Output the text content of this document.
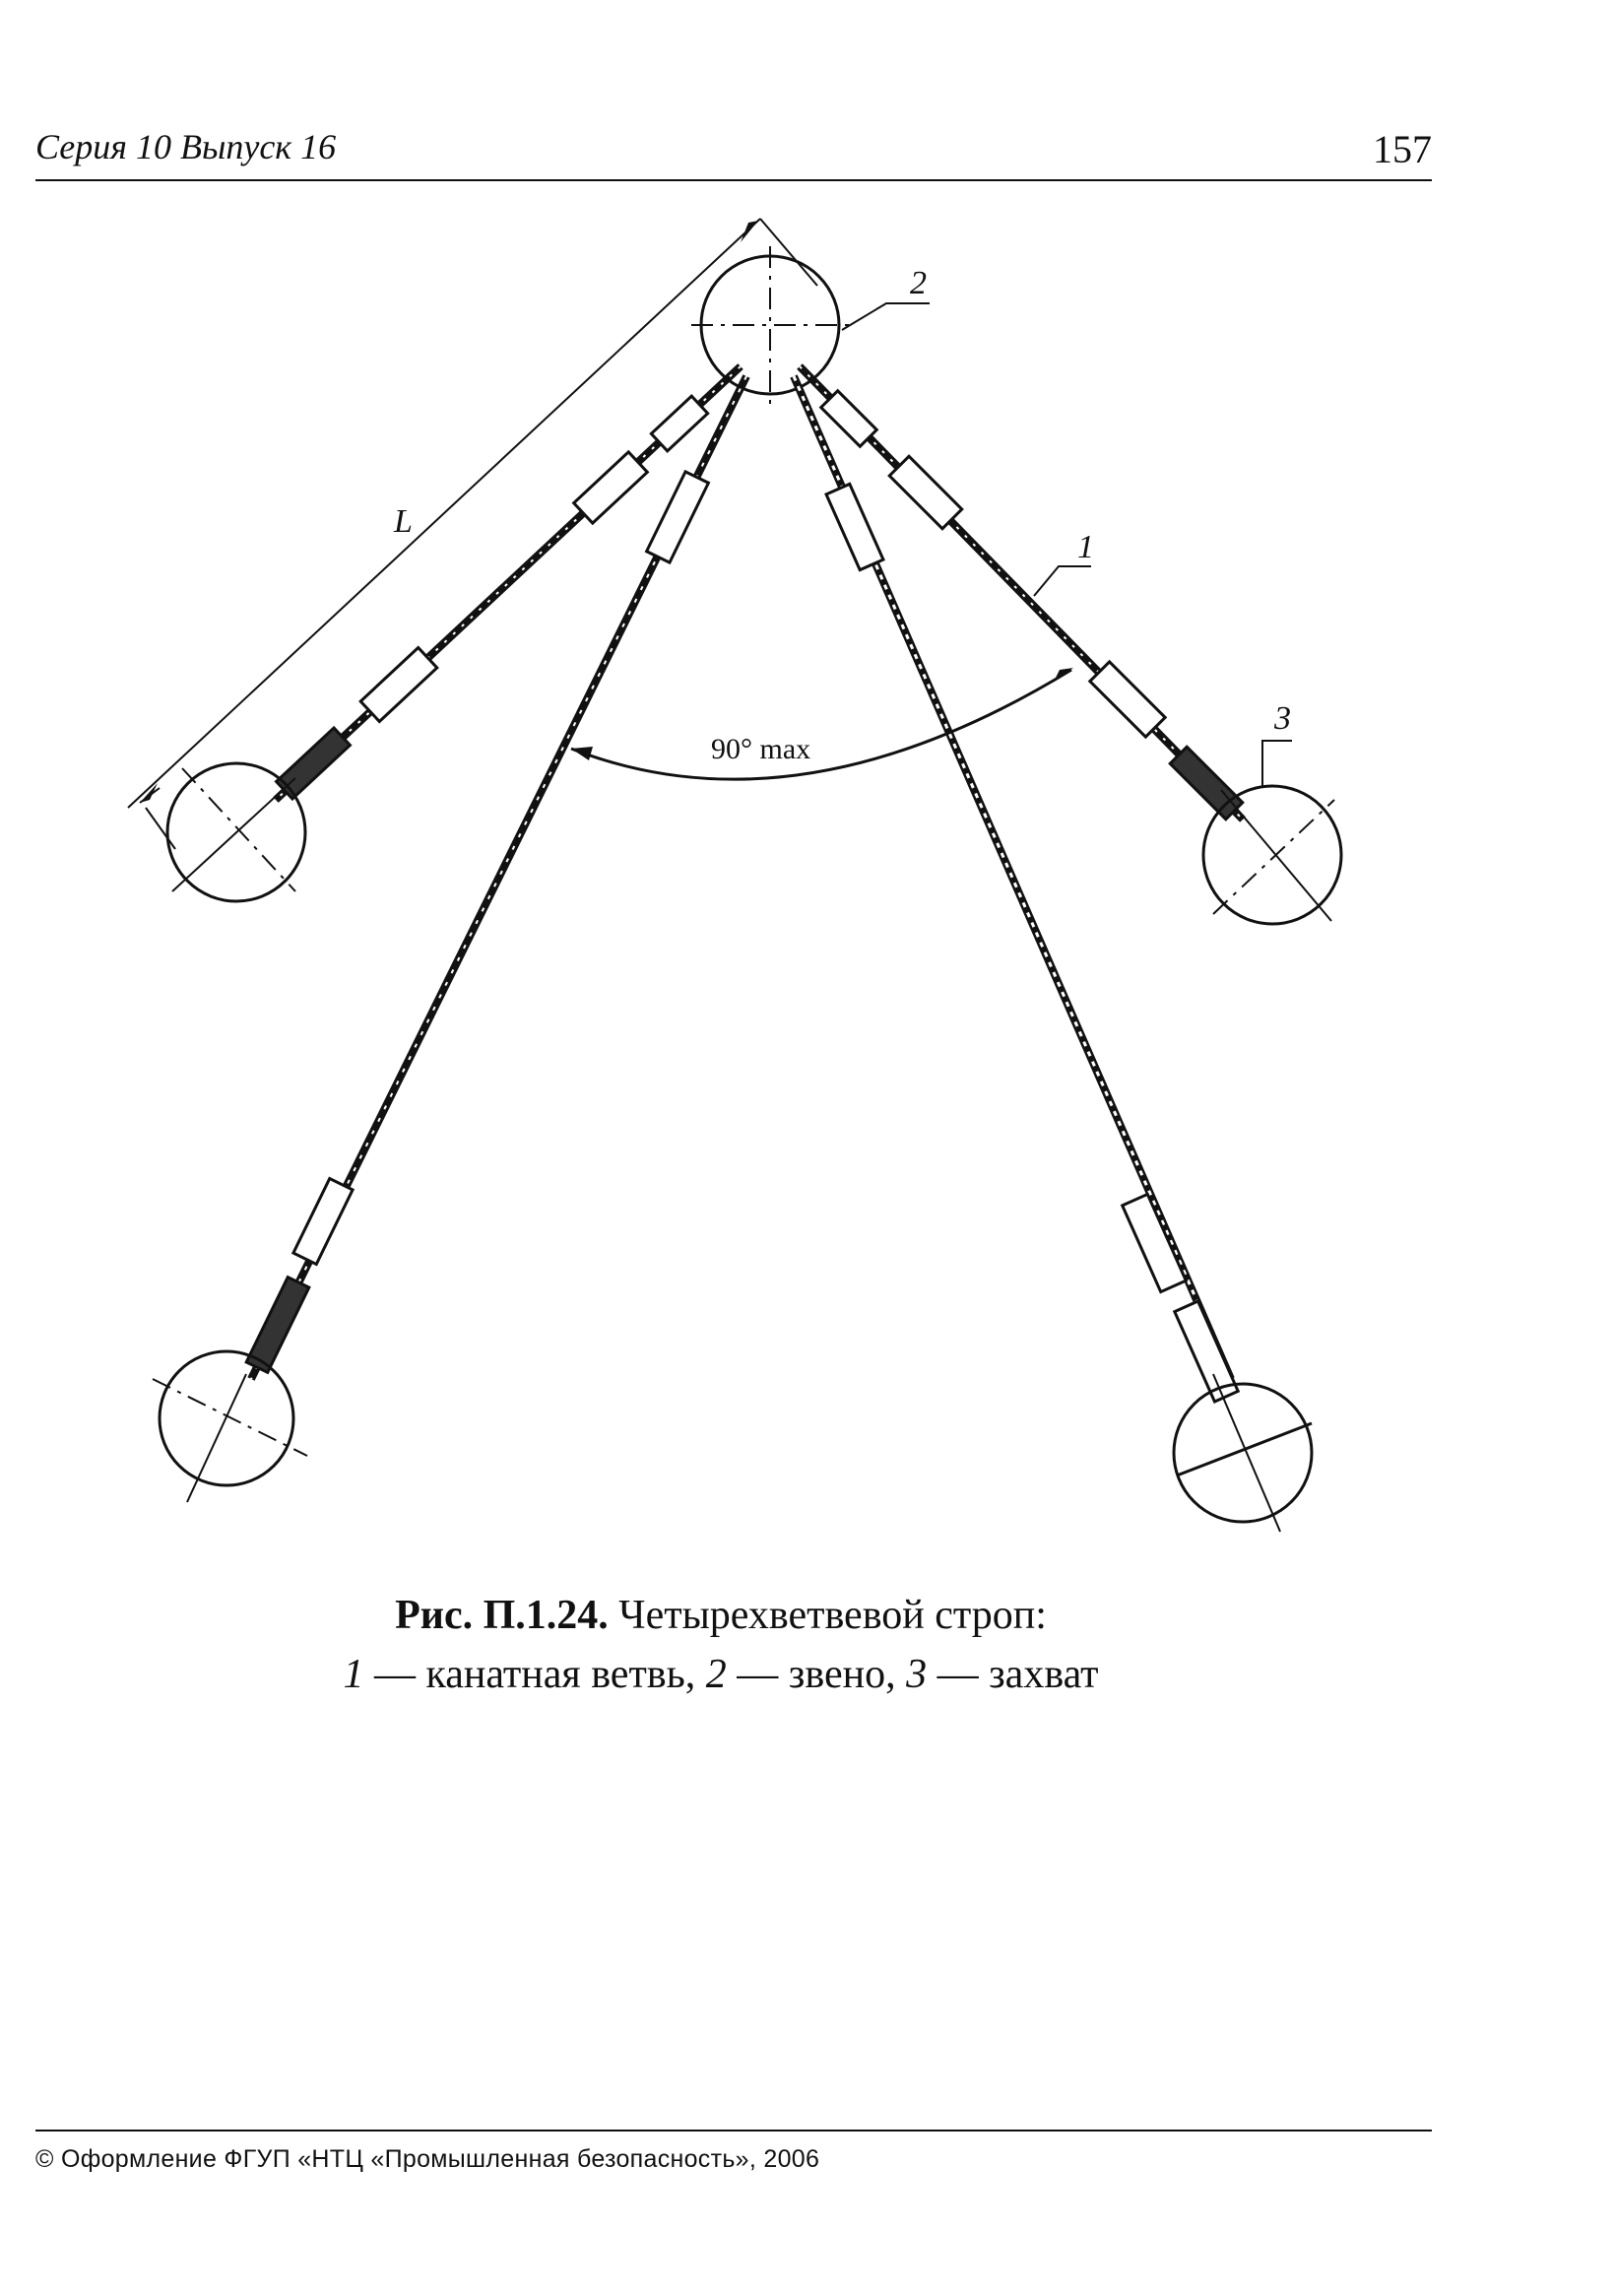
Серия 10 Выпуск 16	157
L
90° max
2
1
3
Рис. П.1.24. Четырехветвевой строп:
1 — канатная ветвь, 2 — звено, 3 — захват
© Оформление ФГУП «НТЦ «Промышленная безопасность», 2006
